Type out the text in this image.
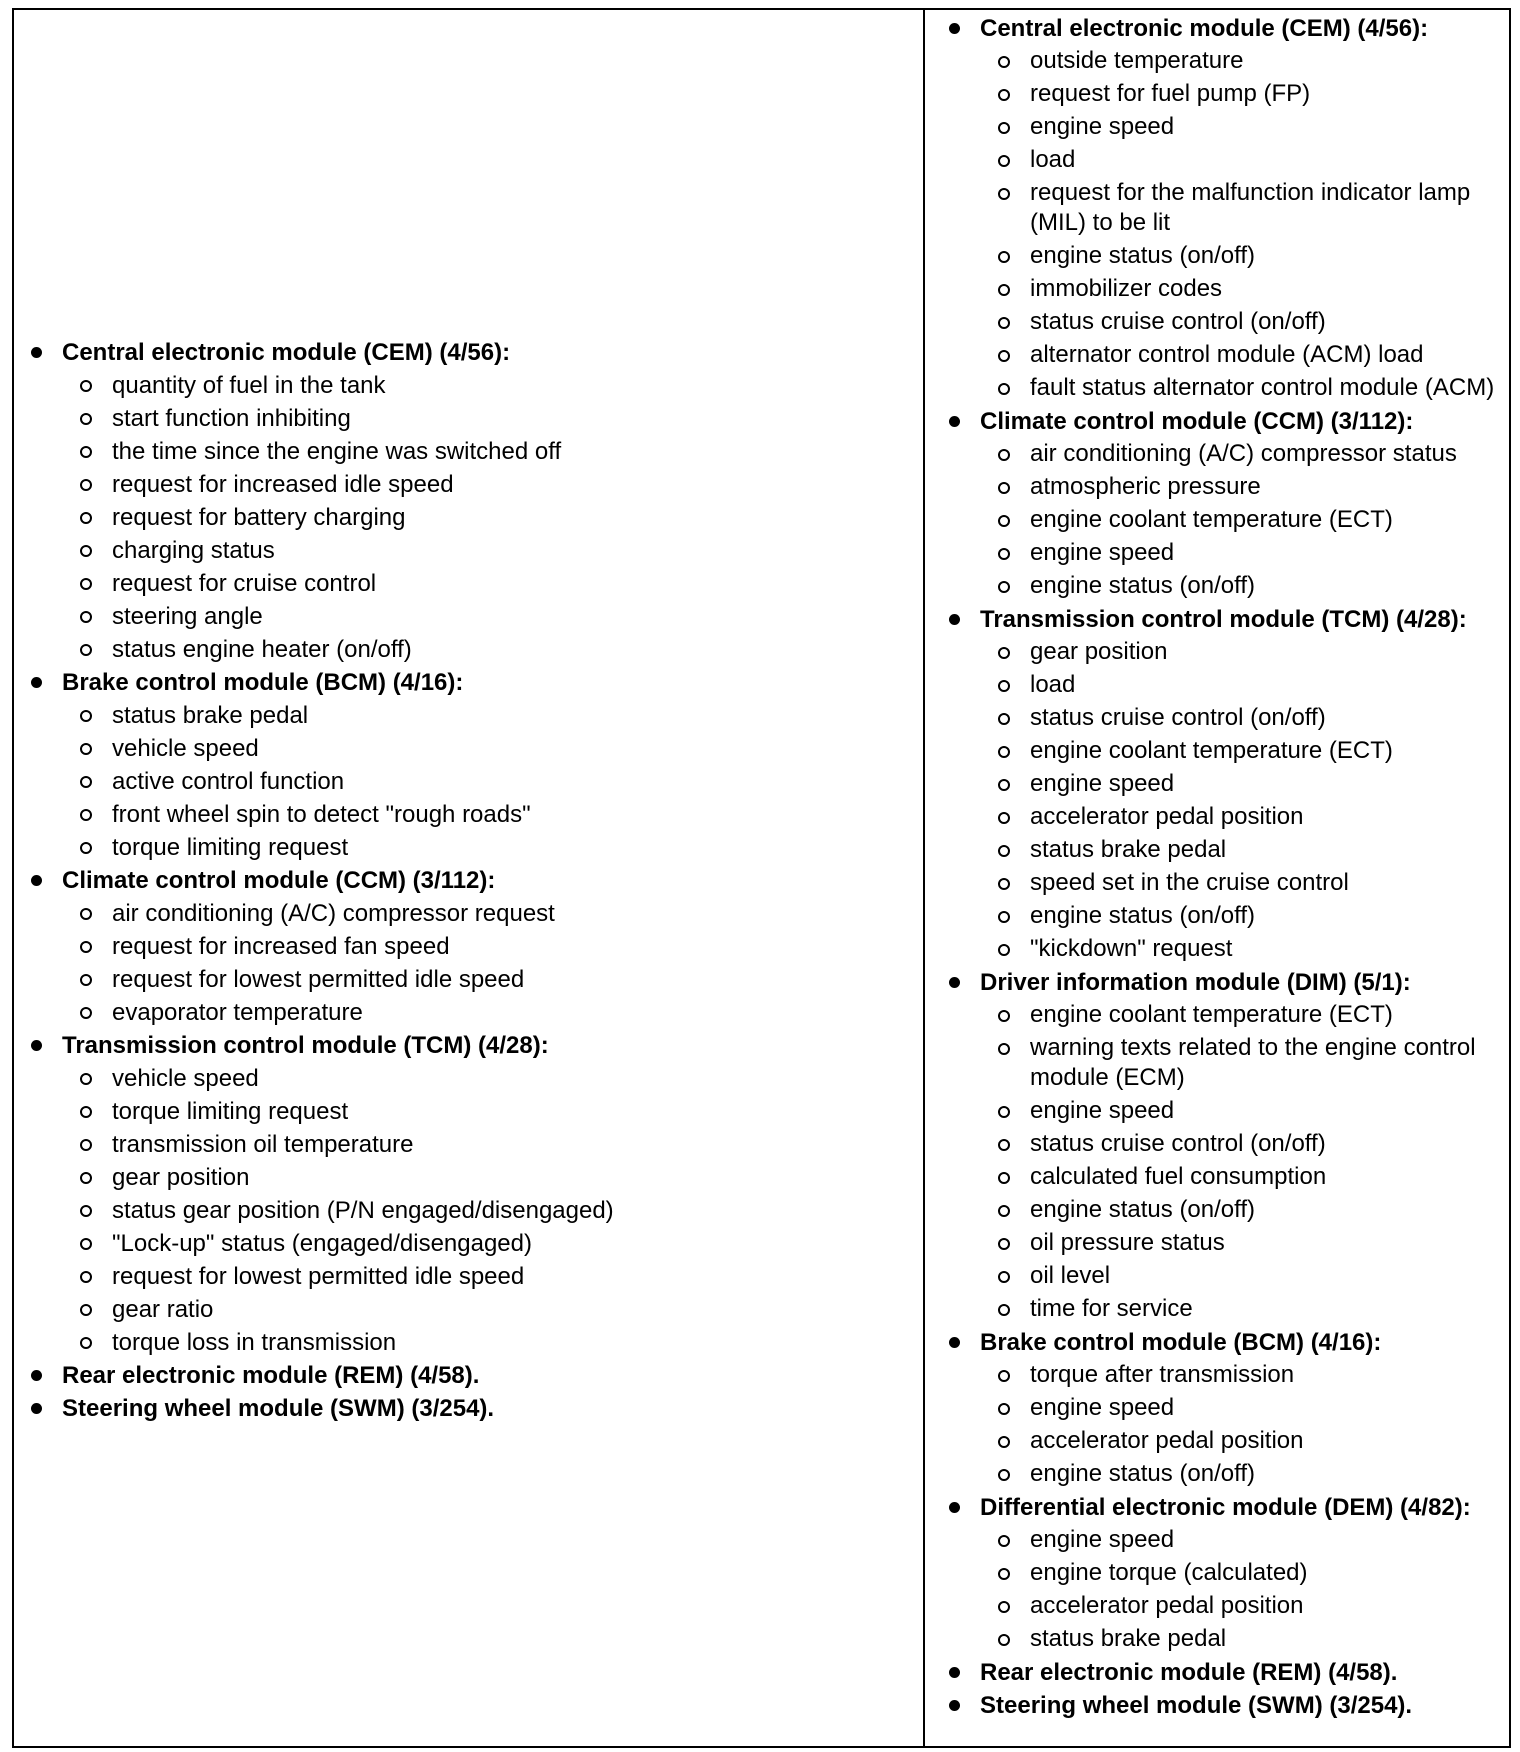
Central electronic module (CEM) (4/56):
quantity of fuel in the tank
start function inhibiting
the time since the engine was switched off
request for increased idle speed
request for battery charging
charging status
request for cruise control
steering angle
status engine heater (on/off)
Brake control module (BCM) (4/16):
status brake pedal
vehicle speed
active control function
front wheel spin to detect "rough roads"
torque limiting request
Climate control module (CCM) (3/112):
air conditioning (A/C) compressor request
request for increased fan speed
request for lowest permitted idle speed
evaporator temperature
Transmission control module (TCM) (4/28):
vehicle speed
torque limiting request
transmission oil temperature
gear position
status gear position (P/N engaged/disengaged)
"Lock-up" status (engaged/disengaged)
request for lowest permitted idle speed
gear ratio
torque loss in transmission
Rear electronic module (REM) (4/58).
Steering wheel module (SWM) (3/254).
Central electronic module (CEM) (4/56):
outside temperature
request for fuel pump (FP)
engine speed
load
request for the malfunction indicator lamp (MIL) to be lit
engine status (on/off)
immobilizer codes
status cruise control (on/off)
alternator control module (ACM) load
fault status alternator control module (ACM)
Climate control module (CCM) (3/112):
air conditioning (A/C) compressor status
atmospheric pressure
engine coolant temperature (ECT)
engine speed
engine status (on/off)
Transmission control module (TCM) (4/28):
gear position
load
status cruise control (on/off)
engine coolant temperature (ECT)
engine speed
accelerator pedal position
status brake pedal
speed set in the cruise control
engine status (on/off)
"kickdown" request
Driver information module (DIM) (5/1):
engine coolant temperature (ECT)
warning texts related to the engine control module (ECM)
engine speed
status cruise control (on/off)
calculated fuel consumption
engine status (on/off)
oil pressure status
oil level
time for service
Brake control module (BCM) (4/16):
torque after transmission
engine speed
accelerator pedal position
engine status (on/off)
Differential electronic module (DEM) (4/82):
engine speed
engine torque (calculated)
accelerator pedal position
status brake pedal
Rear electronic module (REM) (4/58).
Steering wheel module (SWM) (3/254).
